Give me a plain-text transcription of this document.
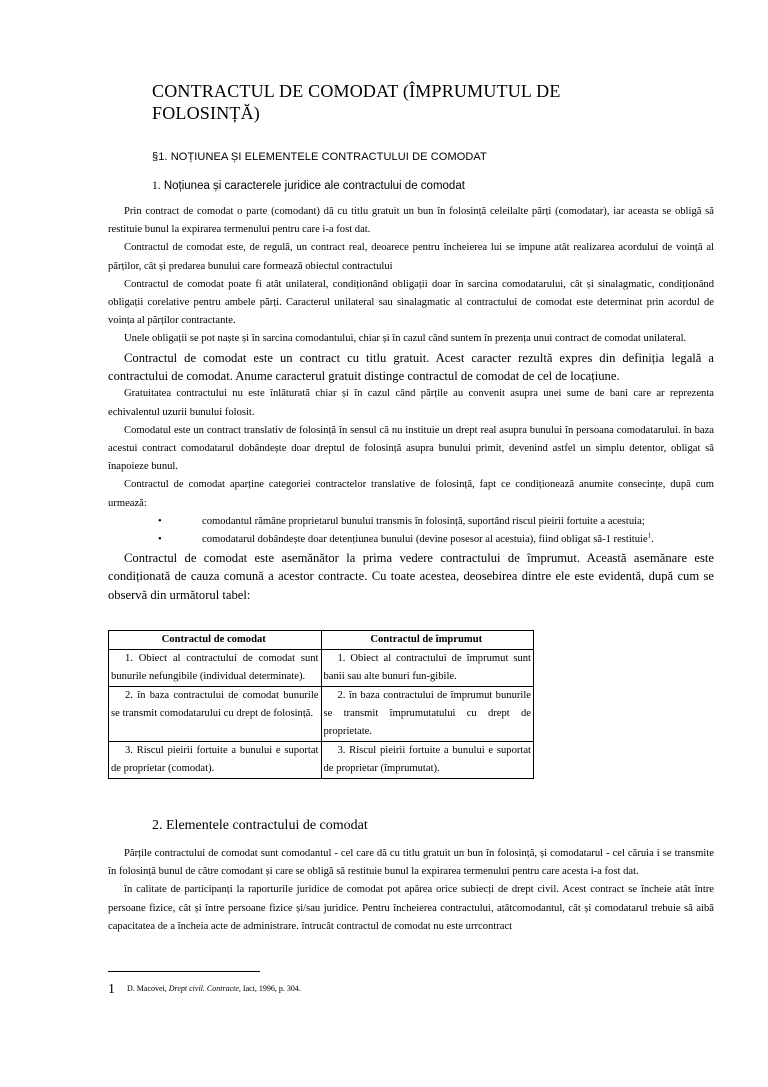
CONTRACTUL DE COMODAT (ÎMPRUMUTUL DE
FOLOSINȚĂ)
§1. NOȚIUNEA ȘI ELEMENTELE CONTRACTULUI DE COMODAT
1. Noțiunea și caracterele juridice ale contractului de comodat

Prin contract de comodat o parte (comodant) dă cu titlu gratuit un bun în folosință celeilalte părți (comodatar), iar aceasta se obligă să restituie bunul la expirarea termenului pentru care i-a fost dat.

Contractul de comodat este, de regulă, un contract real, deoarece pentru încheierea lui se impune atât realizarea acordului de voință al părților, cât și predarea bunului care formează obiectul contractului

Contractul de comodat poate fi atât unilateral, condiționând obligații doar în sarcina comodatarului, cât și sinalagmatic, condiționând obligații corelative pentru ambele părți. Caracterul unilateral sau sinalagmatic al contractului de comodat este determinat prin acordul de voința al părților contractante.

Unele obligații se pot naște și în sarcina comodantului, chiar și în cazul când suntem în prezența unui contract de comodat unilateral.

Contractul de comodat este un contract cu titlu gratuit. Acest caracter rezultă expres din definiția legală a contractului de comodat. Anume caracterul gratuit distinge contractul de comodat de cel de locațiune.

Gratuitatea contractului nu este înlăturată chiar și în cazul când părțile au convenit asupra unei sume de bani care ar reprezenta echivalentul uzurii bunului folosit.

Comodatul este un contract translativ de folosință în sensul că nu instituie un drept real asupra bunului în persoana comodatarului. în baza acestui contract comodatarul dobândește doar dreptul de folosință asupra bunului primit, devenind astfel un simplu detentor, obligat să înapoieze bunul.

Contractul de comodat aparține categoriei contractelor translative de folosință, fapt ce condiționează anumite consecințe, după cum urmează:

•	comodantul rămâne proprietarul bunului transmis în folosință, suportând riscul pieirii fortuite a acestuia;
•	comodatarul dobândește doar detențiunea bunului (devine posesor al acestuia), fiind obligat să-1 restituie$^1$.

Contractul de comodat este asemănător la prima vedere contractului de împrumut. Această asemănare este condiționată de cauza comună a acestor contracte. Cu toate acestea, deosebirea dintre ele este evidentă, după cum se observă din următorul tabel:

Contractul de comodat	Contractul de împrumut
1. Obiect al contractului de comodat sunt bunurile nefungibile (individual determinate).	1. Obiect al contractului de împrumut sunt banii sau alte bunuri fun-gibile.
2. în baza contractului de comodat bunurile se transmit comodatarului cu drept de folosință.	2. în baza contractului de împrumut bunurile se transmit împrumutatului cu drept de proprietate.
3. Riscul pieirii fortuite a bunului e suportat de proprietar (comodat).	3. Riscul pieirii fortuite a bunului e suportat de proprietar (împrumutat).
2. Elementele contractului de comodat

Părțile contractului de comodat sunt comodantul - cel care dă cu titlu gratuit un bun în folosință, și comodatarul - cel căruia i se transmite în folosință bunul de către comodant și care se obligă să restituie bunul la expirarea termenului pentru care acesta i-a fost dat.

în calitate de participanți la raporturile juridice de comodat pot apărea orice subiecți de drept civil. Acest contract se încheie atât între persoane fizice, cât și între persoane fizice și/sau juridice. Pentru încheierea contractului, atâtcomodantul, cât și comodatarul trebuie să aibă capacitatea de a încheia acte de administrare. întrucât contractul de comodat nu este urrcontract

1 D. Macovei, Drept civil. Contracte, Iaci, 1996, p. 304.
